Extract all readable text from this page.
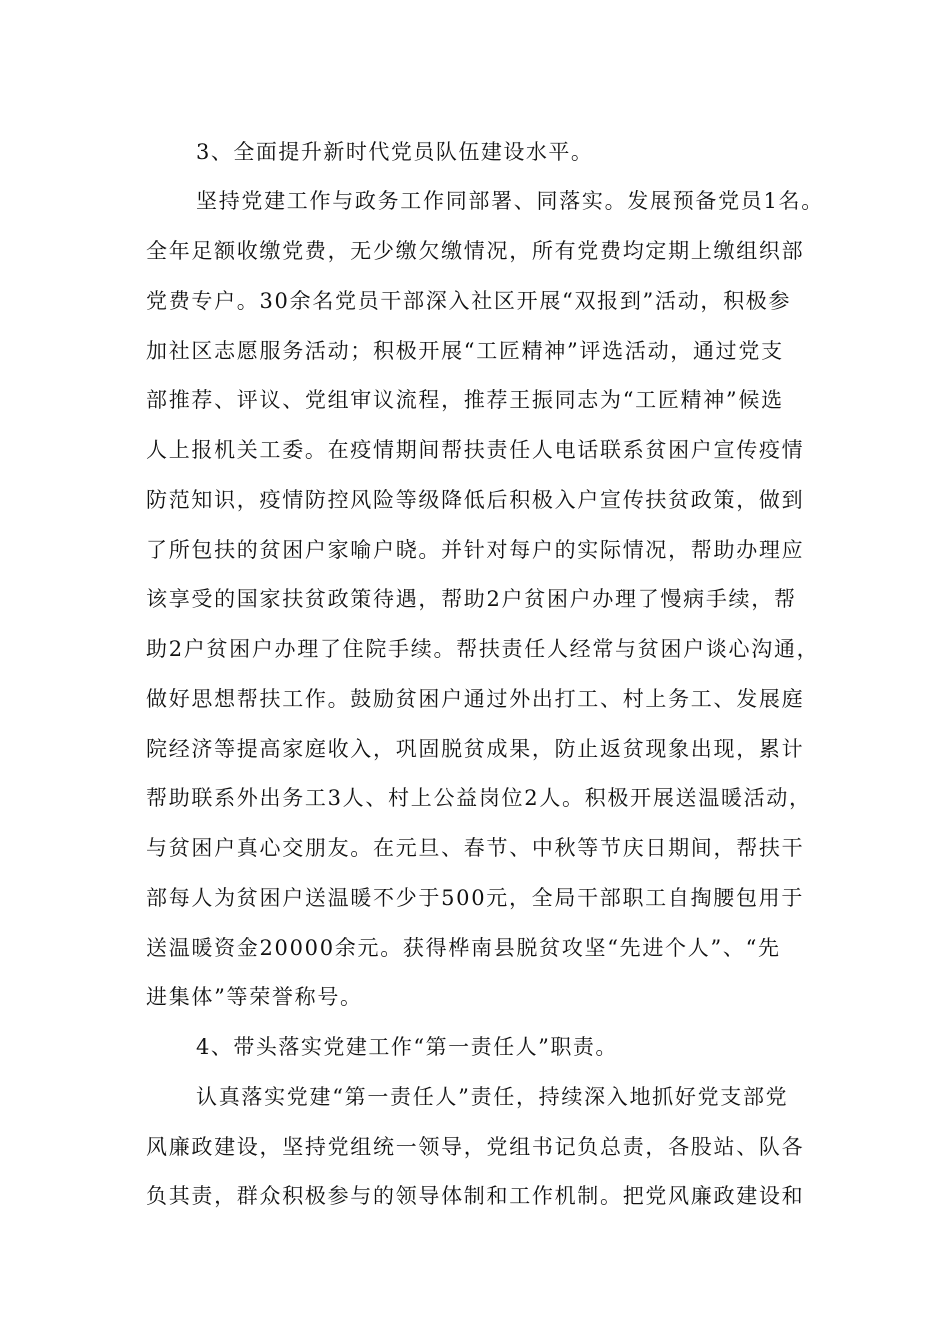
3、全面提升新时代党员队伍建设水平。
坚持党建工作与政务工作同部署、同落实。发展预备党员1名。
全年足额收缴党费，无少缴欠缴情况，所有党费均定期上缴组织部
党费专户。30余名党员干部深入社区开展“双报到”活动，积极参
加社区志愿服务活动；积极开展“工匠精神”评选活动，通过党支
部推荐、评议、党组审议流程，推荐王振同志为“工匠精神”候选
人上报机关工委。在疫情期间帮扶责任人电话联系贫困户宣传疫情
防范知识，疫情防控风险等级降低后积极入户宣传扶贫政策，做到
了所包扶的贫困户家喻户晓。并针对每户的实际情况，帮助办理应
该享受的国家扶贫政策待遇，帮助2户贫困户办理了慢病手续，帮
助2户贫困户办理了住院手续。帮扶责任人经常与贫困户谈心沟通，
做好思想帮扶工作。鼓励贫困户通过外出打工、村上务工、发展庭
院经济等提高家庭收入，巩固脱贫成果，防止返贫现象出现，累计
帮助联系外出务工3人、村上公益岗位2人。积极开展送温暖活动，
与贫困户真心交朋友。在元旦、春节、中秋等节庆日期间，帮扶干
部每人为贫困户送温暖不少于500元，全局干部职工自掏腰包用于
送温暖资金20000余元。获得桦南县脱贫攻坚“先进个人”、“先
进集体”等荣誉称号。
4、带头落实党建工作“第一责任人”职责。
认真落实党建“第一责任人”责任，持续深入地抓好党支部党
风廉政建设，坚持党组统一领导，党组书记负总责，各股站、队各
负其责，群众积极参与的领导体制和工作机制。把党风廉政建设和
